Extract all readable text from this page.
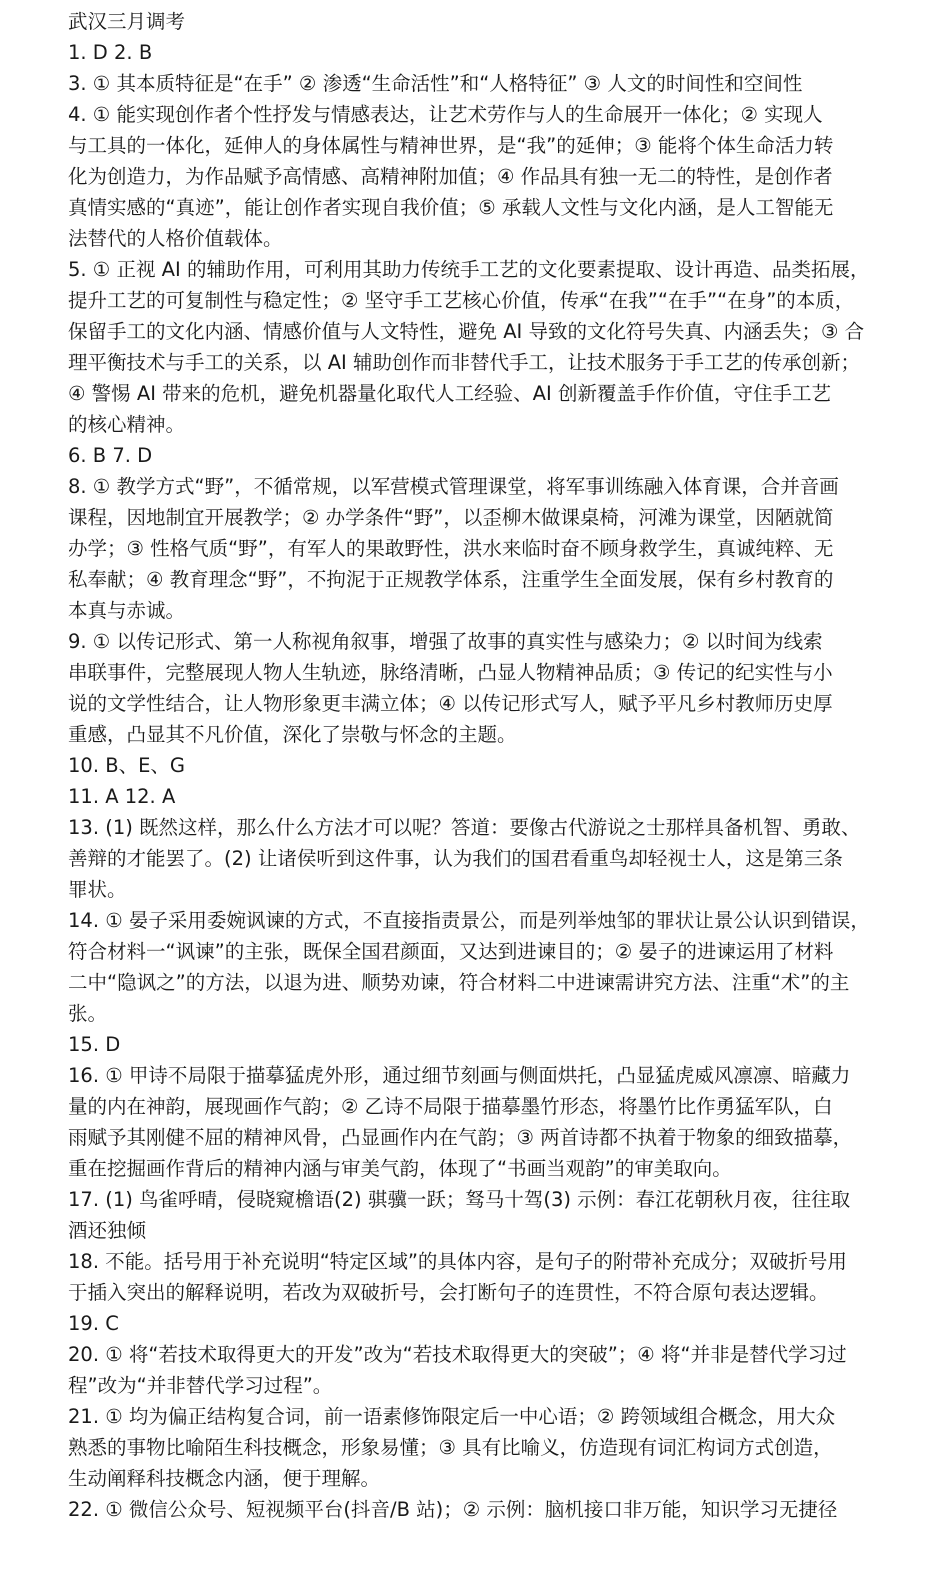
武汉三月调考
1. D 2. B
3. ① 其本质特征是“在手” ② 渗透“生命活性”和“人格特征” ③ 人文的时间性和空间性
4. ① 能实现创作者个性抒发与情感表达，让艺术劳作与人的生命展开一体化；② 实现人
与工具的一体化，延伸人的身体属性与精神世界，是“我”的延伸；③ 能将个体生命活力转
化为创造力，为作品赋予高情感、高精神附加值；④ 作品具有独一无二的特性，是创作者
真情实感的“真迹”，能让创作者实现自我价值；⑤ 承载人文性与文化内涵，是人工智能无
法替代的人格价值载体。
5. ① 正视 AI 的辅助作用，可利用其助力传统手工艺的文化要素提取、设计再造、品类拓展，
提升工艺的可复制性与稳定性；② 坚守手工艺核心价值，传承“在我”“在手”“在身”的本质，
保留手工的文化内涵、情感价值与人文特性，避免 AI 导致的文化符号失真、内涵丢失；③ 合
理平衡技术与手工的关系，以 AI 辅助创作而非替代手工，让技术服务于手工艺的传承创新；
④ 警惕 AI 带来的危机，避免机器量化取代人工经验、AI 创新覆盖手作价值，守住手工艺
的核心精神。
6. B 7. D
8. ① 教学方式“野”，不循常规，以军营模式管理课堂，将军事训练融入体育课，合并音画
课程，因地制宜开展教学；② 办学条件“野”，以歪柳木做课桌椅，河滩为课堂，因陋就简
办学；③ 性格气质“野”，有军人的果敢野性，洪水来临时奋不顾身救学生，真诚纯粹、无
私奉献；④ 教育理念“野”，不拘泥于正规教学体系，注重学生全面发展，保有乡村教育的
本真与赤诚。
9. ① 以传记形式、第一人称视角叙事，增强了故事的真实性与感染力；② 以时间为线索
串联事件，完整展现人物人生轨迹，脉络清晰，凸显人物精神品质；③ 传记的纪实性与小
说的文学性结合，让人物形象更丰满立体；④ 以传记形式写人，赋予平凡乡村教师历史厚
重感，凸显其不凡价值，深化了崇敬与怀念的主题。
10. B、E、G
11. A 12. A
13. (1) 既然这样，那么什么方法才可以呢？答道：要像古代游说之士那样具备机智、勇敢、
善辩的才能罢了。(2) 让诸侯听到这件事，认为我们的国君看重鸟却轻视士人，这是第三条
罪状。
14. ① 晏子采用委婉讽谏的方式，不直接指责景公，而是列举烛邹的罪状让景公认识到错误，
符合材料一“讽谏”的主张，既保全国君颜面，又达到进谏目的；② 晏子的进谏运用了材料
二中“隐讽之”的方法，以退为进、顺势劝谏，符合材料二中进谏需讲究方法、注重“术”的主
张。
15. D
16. ① 甲诗不局限于描摹猛虎外形，通过细节刻画与侧面烘托，凸显猛虎威风凛凛、暗藏力
量的内在神韵，展现画作气韵；② 乙诗不局限于描摹墨竹形态，将墨竹比作勇猛军队，白
雨赋予其刚健不屈的精神风骨，凸显画作内在气韵；③ 两首诗都不执着于物象的细致描摹，
重在挖掘画作背后的精神内涵与审美气韵，体现了“书画当观韵”的审美取向。
17. (1) 鸟雀呼晴，侵晓窥檐语(2) 骐骥一跃；驽马十驾(3) 示例：春江花朝秋月夜，往往取
酒还独倾
18. 不能。括号用于补充说明“特定区域”的具体内容，是句子的附带补充成分；双破折号用
于插入突出的解释说明，若改为双破折号，会打断句子的连贯性，不符合原句表达逻辑。
19. C
20. ① 将“若技术取得更大的开发”改为“若技术取得更大的突破”；④ 将“并非是替代学习过
程”改为“并非替代学习过程”。
21. ① 均为偏正结构复合词，前一语素修饰限定后一中心语；② 跨领域组合概念，用大众
熟悉的事物比喻陌生科技概念，形象易懂；③ 具有比喻义，仿造现有词汇构词方式创造，
生动阐释科技概念内涵，便于理解。
22. ① 微信公众号、短视频平台(抖音/B 站)；② 示例：脑机接口非万能，知识学习无捷径
